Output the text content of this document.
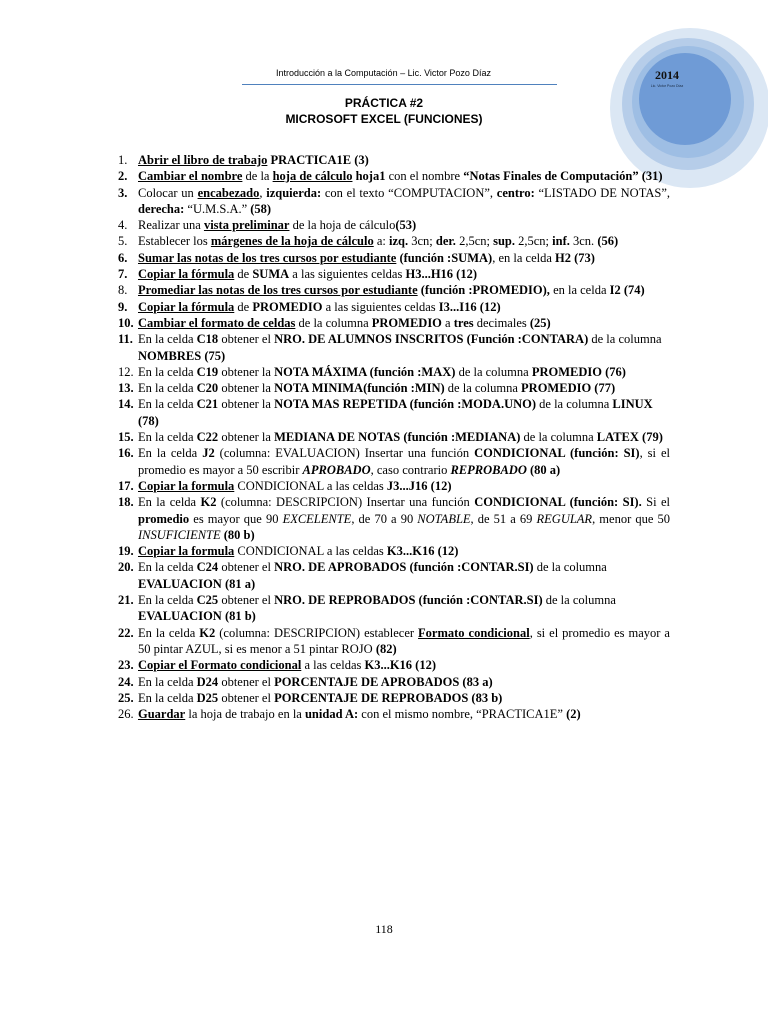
Introducción a la Computación – Lic. Victor Pozo Díaz	2014
Lic. Victor Pozo Díaz
PRÁCTICA #2
MICROSOFT EXCEL (FUNCIONES)
1. Abrir el libro de trabajo PRACTICA1E (3)
2. Cambiar el nombre de la hoja de cálculo hoja1 con el nombre “Notas Finales de Computación” (31)
3. Colocar un encabezado, izquierda: con el texto “COMPUTACION”, centro: “LISTADO DE NOTAS”, derecha: “U.M.S.A.” (58)
4. Realizar una vista preliminar de la hoja de cálculo(53)
5. Establecer los márgenes de la hoja de cálculo a: izq. 3cn; der. 2,5cn; sup. 2,5cn; inf. 3cn. (56)
6. Sumar las notas de los tres cursos por estudiante (función :SUMA), en la celda H2 (73)
7. Copiar la fórmula de SUMA a las siguientes celdas H3...H16 (12)
8. Promediar las notas de los tres cursos por estudiante (función :PROMEDIO), en la celda I2 (74)
9. Copiar la fórmula de PROMEDIO a las siguientes celdas I3...I16 (12)
10. Cambiar el formato de celdas de la columna PROMEDIO a tres decimales (25)
11. En la celda C18 obtener el NRO. DE ALUMNOS INSCRITOS (Función :CONTARA) de la columna NOMBRES (75)
12. En la celda C19 obtener la NOTA MÁXIMA (función :MAX) de la columna PROMEDIO (76)
13. En la celda C20 obtener la NOTA MINIMA(función :MIN) de la columna PROMEDIO (77)
14. En la celda C21 obtener la NOTA MAS REPETIDA (función :MODA.UNO) de la columna LINUX (78)
15. En la celda C22 obtener la MEDIANA DE NOTAS (función :MEDIANA) de la columna LATEX (79)
16. En la celda J2 (columna: EVALUACION) Insertar una función CONDICIONAL (función: SI), si el promedio es mayor a 50 escribir APROBADO, caso contrario REPROBADO (80 a)
17. Copiar la formula CONDICIONAL a las celdas J3...J16 (12)
18. En la celda K2 (columna: DESCRIPCION) Insertar una función CONDICIONAL (función: SI). Si el promedio es mayor que 90 EXCELENTE, de 70 a 90 NOTABLE, de 51 a 69 REGULAR, menor que 50 INSUFICIENTE (80 b)
19. Copiar la formula CONDICIONAL a las celdas K3...K16 (12)
20. En la celda C24 obtener el NRO. DE APROBADOS (función :CONTAR.SI) de la columna EVALUACION (81 a)
21. En la celda C25 obtener el NRO. DE REPROBADOS (función :CONTAR.SI) de la columna EVALUACION (81 b)
22. En la celda K2 (columna: DESCRIPCION) establecer Formato condicional, si el promedio es mayor a 50 pintar AZUL, si es menor a 51 pintar ROJO (82)
23. Copiar el Formato condicional a las celdas K3...K16 (12)
24. En la celda D24 obtener el PORCENTAJE DE APROBADOS (83 a)
25. En la celda D25 obtener el PORCENTAJE DE REPROBADOS (83 b)
26. Guardar la hoja de trabajo en la unidad A: con el mismo nombre, “PRACTICA1E” (2)
118
